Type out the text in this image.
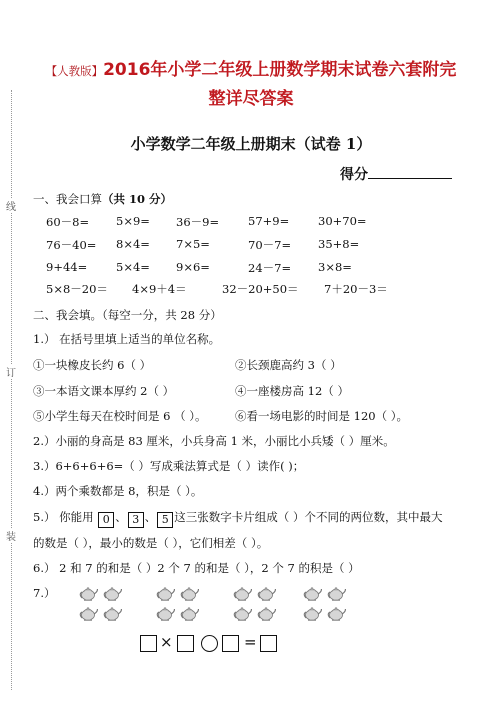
线
订
装
【人教版】2016年小学二年级上册数学期末试卷六套附完
整详尽答案
小学数学二年级上册期末（试卷 1）
得分
一、我会口算（共 10 分）
60－8= 5×9= 36－9=	57+9=	30+70=
76－40= 8×4= 7×5=	70－7= 35+8=
9+44=	5×4= 9×6=	24－7= 3×8=
5×8－20＝ 4×9＋4＝	32－20+50＝ 7＋20－3＝
二、我会填。（每空一分，共 28 分）
1.） 在括号里填上适当的单位名称。
①一块橡皮长约 6（ ）	②长颈鹿高约 3（ ）
③一本语文课本厚约 2（ ）	④一座楼房高 12（ ）
⑤小学生每天在校时间是 6 （ ）。 ⑥看一场电影的时间是 120（ ）。
2.）小丽的身高是 83 厘米，小兵身高 1 米，小丽比小兵矮（ ）厘米。
3.）6+6+6+6=（ ）写成乘法算式是（ ）读作( )；
4.）两个乘数都是 8，积是（ ）。
5.） 你能用 0 、 3 、 5 这三张数字卡片组成（ ）个不同的两位数，其中最大
的数是（ ），最小的数是（ ），它们相差（ ）。
6.） 2 和 7 的和是（ ）2 个 7 的和是（ ），2 个 7 的积是（ ）
7.）
×	=
